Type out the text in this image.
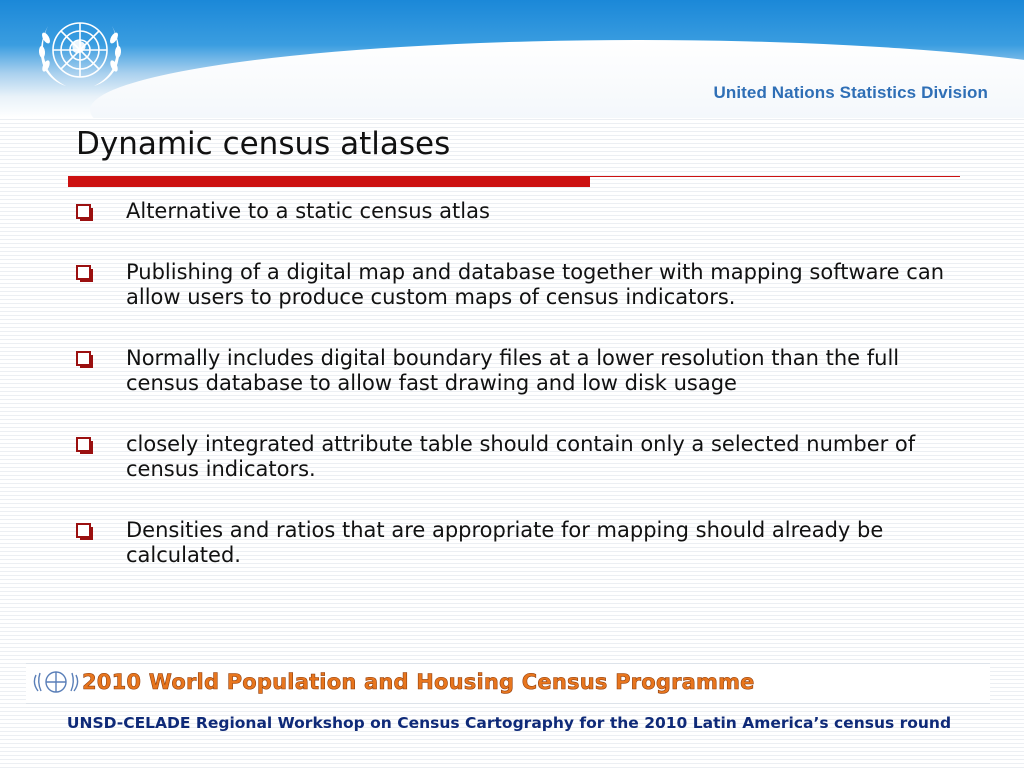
United Nations Statistics Division
Dynamic census atlases
Alternative to a static census atlas
Publishing of a digital map and database together with mapping software can allow users to produce custom maps of census indicators.
Normally includes digital boundary files at a lower resolution than the full census database to allow fast drawing and low disk usage
closely integrated attribute table should contain only a selected number of census indicators.
Densities and ratios that are appropriate for mapping should already be calculated.
2010 World Population and Housing Census Programme

UNSD-CELADE Regional Workshop on Census Cartography for the 2010 Latin America’s census round
